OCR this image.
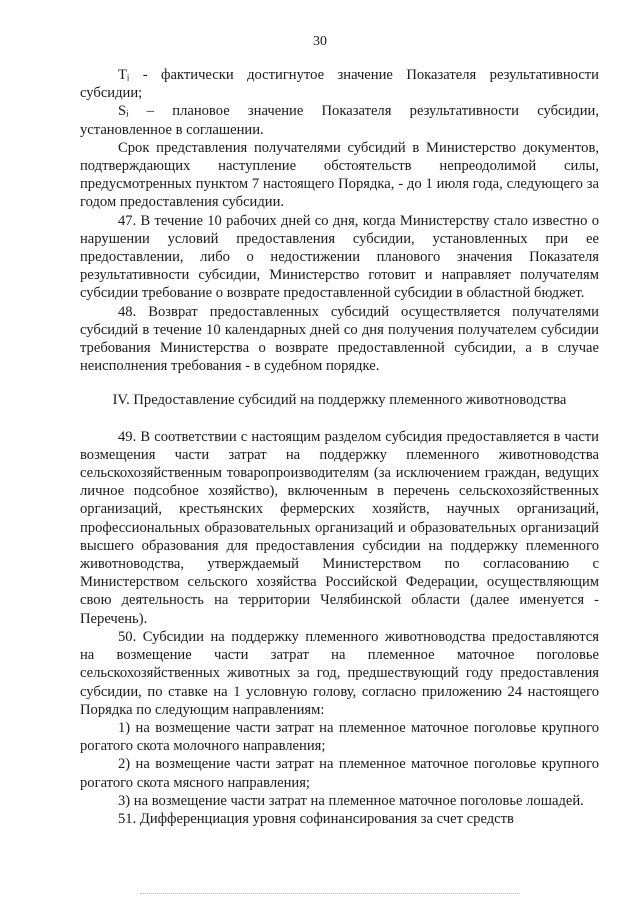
30

Tᵢ - фактически достигнутое значение Показателя результативности субсидии;

Sᵢ – плановое значение Показателя результативности субсидии, установленное в соглашении.

Срок представления получателями субсидий в Министерство документов, подтверждающих наступление обстоятельств непреодолимой силы, предусмотренных пунктом 7 настоящего Порядка, - до 1 июля года, следующего за годом предоставления субсидии.

47. В течение 10 рабочих дней со дня, когда Министерству стало известно о нарушении условий предоставления субсидии, установленных при ее предоставлении, либо о недостижении планового значения Показателя результативности субсидии, Министерство готовит и направляет получателям субсидии требование о возврате предоставленной субсидии в областной бюджет.

48. Возврат предоставленных субсидий осуществляется получателями субсидий в течение 10 календарных дней со дня получения получателем субсидии требования Министерства о возврате предоставленной субсидии, а в случае неисполнения требования - в судебном порядке.

IV. Предоставление субсидий на поддержку племенного животноводства

49. В соответствии с настоящим разделом субсидия предоставляется в части возмещения части затрат на поддержку племенного животноводства сельскохозяйственным товаропроизводителям (за исключением граждан, ведущих личное подсобное хозяйство), включенным в перечень сельскохозяйственных организаций, крестьянских фермерских хозяйств, научных организаций, профессиональных образовательных организаций и образовательных организаций высшего образования для предоставления субсидии на поддержку племенного животноводства, утверждаемый Министерством по согласованию с Министерством сельского хозяйства Российской Федерации, осуществляющим свою деятельность на территории Челябинской области (далее именуется - Перечень).

50. Субсидии на поддержку племенного животноводства предоставляются на возмещение части затрат на племенное маточное поголовье сельскохозяйственных животных за год, предшествующий году предоставления субсидии, по ставке на 1 условную голову, согласно приложению 24 настоящего Порядка по следующим направлениям:

1) на возмещение части затрат на племенное маточное поголовье крупного рогатого скота молочного направления;

2) на возмещение части затрат на племенное маточное поголовье крупного рогатого скота мясного направления;

3) на возмещение части затрат на племенное маточное поголовье лошадей.

51. Дифференциация уровня софинансирования за счет средств
